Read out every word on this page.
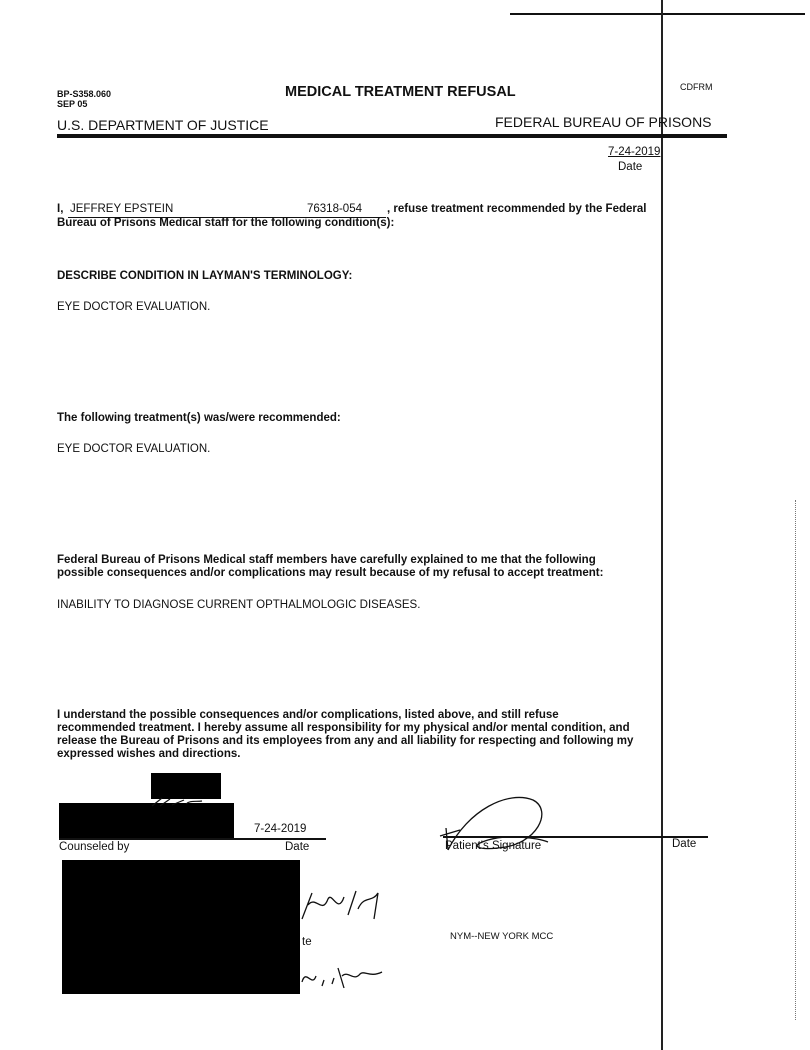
BP-S358.060
SEP 05
MEDICAL TREATMENT REFUSAL	CDFRM
U.S. DEPARTMENT OF JUSTICE	FEDERAL BUREAU OF PRISONS
7-24-2019
Date
I, JEFFREY EPSTEIN	76318-054 , refuse treatment recommended by the Federal
Bureau of Prisons Medical staff for the following condition(s):
DESCRIBE CONDITION IN LAYMAN'S TERMINOLOGY:
EYE DOCTOR EVALUATION.
The following treatment(s) was/were recommended:
EYE DOCTOR EVALUATION.
Federal Bureau of Prisons Medical staff members have carefully explained to me that the following
possible consequences and/or complications may result because of my refusal to accept treatment:
INABILITY TO DIAGNOSE CURRENT OPTHALMOLOGIC DISEASES.
I understand the possible consequences and/or complications, listed above, and still refuse
recommended treatment. I hereby assume all responsibility for my physical and/or mental condition, and
release the Bureau of Prisons and its employees from any and all liability for respecting and following my
expressed wishes and directions.
7-24-2019
Counseled by	Date	Patient's Signature	Date
te	NYM--NEW YORK MCC
